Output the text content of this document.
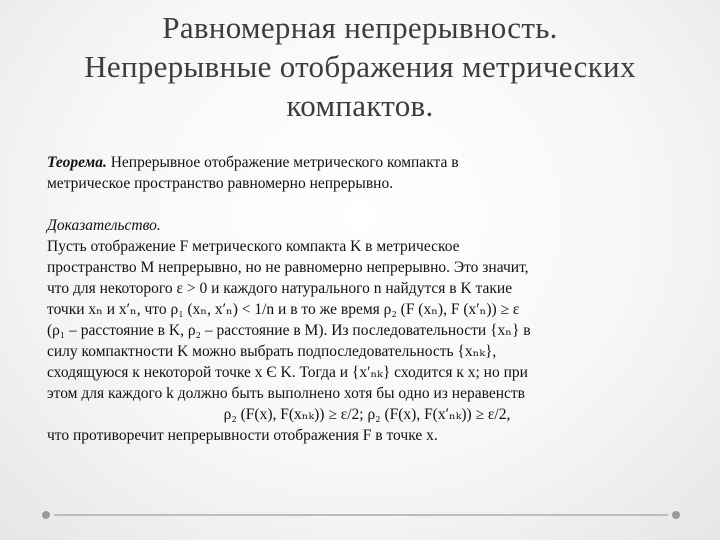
Равномерная непрерывность.
Непрерывные отображения метрических
компактов.
Теорема. Непрерывное отображение метрического компакта в
метрическое пространство равномерно непрерывно.
Доказательство.
Пусть отображение F метрического компакта K в метрическое
пространство M непрерывно, но не равномерно непрерывно. Это значит,
что для некоторого ε > 0 и каждого натурального n найдутся в K такие
точки xₙ и x′ₙ, что ρ₁ (xₙ, x′ₙ) < 1/n и в то же время ρ₂ (F (xₙ), F (x′ₙ)) ≥ ε
(ρ₁ – расстояние в K, ρ₂ – расстояние в M). Из последовательности {xₙ} в
силу компактности K можно выбрать подпоследовательность {xₙₖ},
сходящуюся к некоторой точке x Є K. Тогда и {x′ₙₖ} сходится к x; но при
этом для каждого k должно быть выполнено хотя бы одно из неравенств
ρ₂ (F(x), F(xₙₖ)) ≥ ε/2; ρ₂ (F(x), F(x′ₙₖ)) ≥ ε/2,
что противоречит непрерывности отображения F в точке x.
